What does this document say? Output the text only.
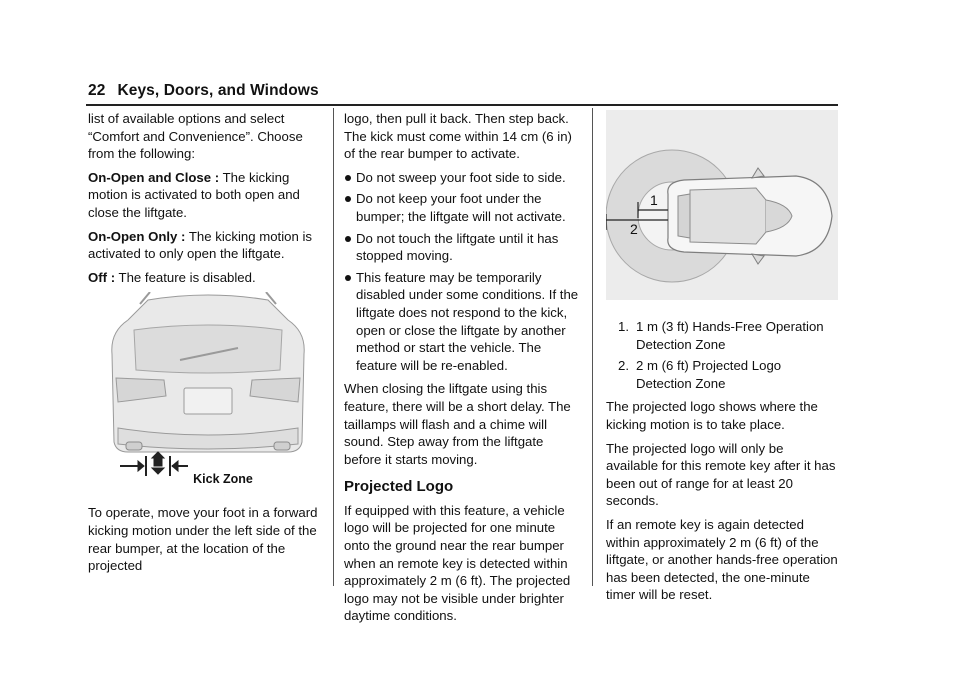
22 Keys, Doors, and Windows

list of available options and select “Comfort and Convenience”. Choose from the following:

On-Open and Close : The kicking motion is activated to both open and close the liftgate.

On-Open Only : The kicking motion is activated to only open the liftgate.

Off : The feature is disabled.

Kick Zone

To operate, move your foot in a forward kicking motion under the left side of the rear bumper, at the location of the projected

logo, then pull it back. Then step back. The kick must come within 14 cm (6 in) of the rear bumper to activate.

Do not sweep your foot side to side.
Do not keep your foot under the bumper; the liftgate will not activate.
Do not touch the liftgate until it has stopped moving.
This feature may be temporarily disabled under some conditions. If the liftgate does not respond to the kick, open or close the liftgate by another method or start the vehicle. The feature will be re-enabled.

When closing the liftgate using this feature, there will be a short delay. The taillamps will flash and a chime will sound. Step away from the liftgate before it starts moving.

Projected Logo

If equipped with this feature, a vehicle logo will be projected for one minute onto the ground near the rear bumper when an remote key is detected within approximately 2 m (6 ft). The projected logo may not be visible under brighter daytime conditions.

1
2
1. 1 m (3 ft) Hands-Free Operation Detection Zone
2. 2 m (6 ft) Projected Logo Detection Zone

The projected logo shows where the kicking motion is to take place.

The projected logo will only be available for this remote key after it has been out of range for at least 20 seconds.

If an remote key is again detected within approximately 2 m (6 ft) of the liftgate, or another hands-free operation has been detected, the one-minute timer will be reset.
